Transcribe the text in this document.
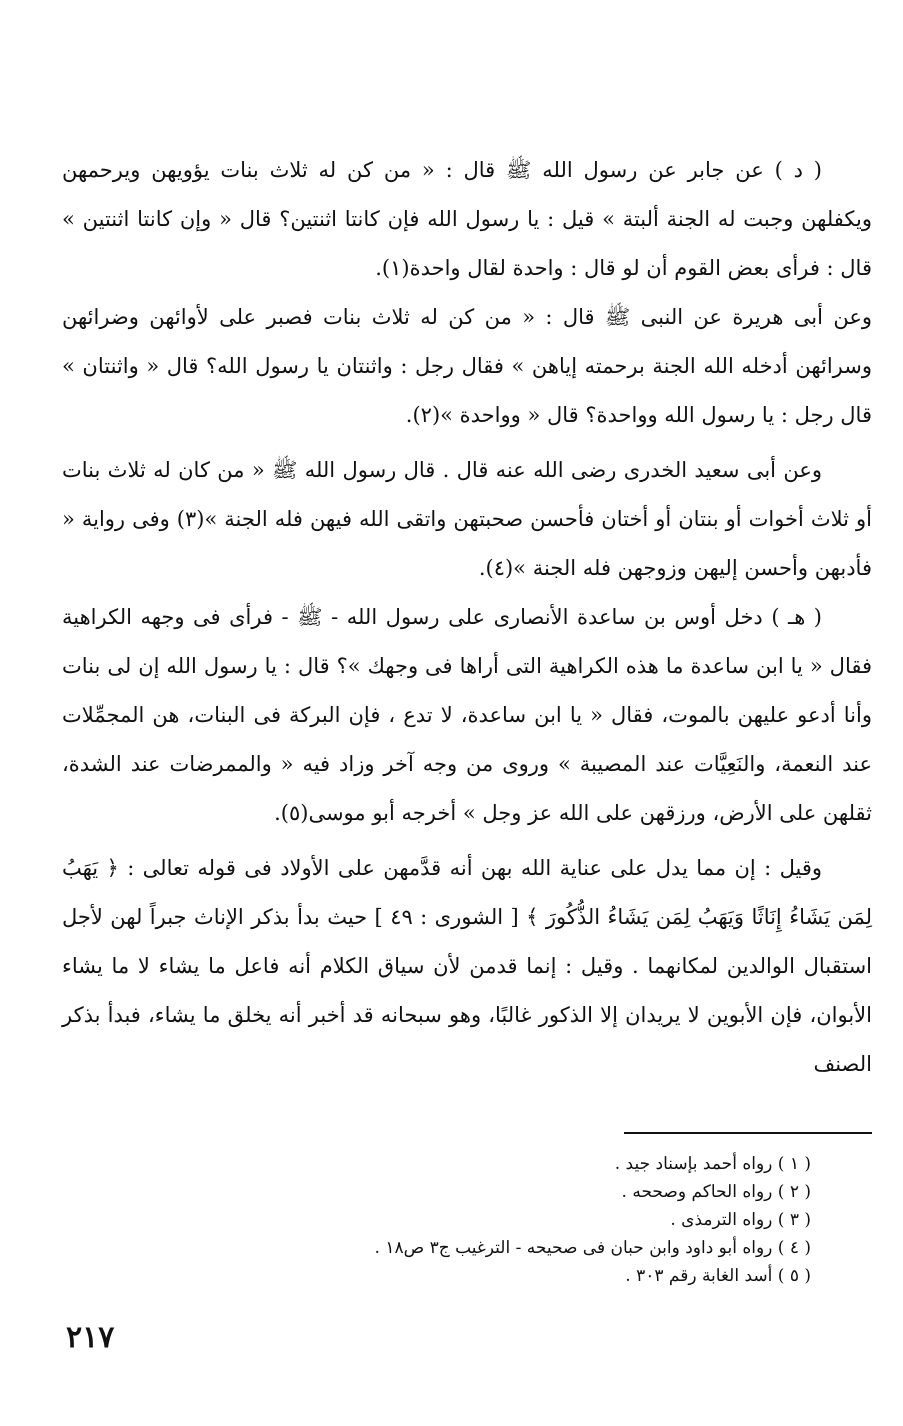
( د ) عن جابر عن رسول الله ﷺ قال : « من كن له ثلاث بنات يؤويهن ويرحمهن ويكفلهن وجبت له الجنة ألبتة » قيل : يا رسول الله فإن كانتا اثنتين؟ قال « وإن كانتا اثنتين » قال : فرأى بعض القوم أن لو قال : واحدة لقال واحدة(١).

وعن أبى هريرة عن النبى ﷺ قال : « من كن له ثلاث بنات فصبر على لأوائهن وضرائهن وسرائهن أدخله الله الجنة برحمته إياهن » فقال رجل : واثنتان يا رسول الله؟ قال « واثنتان » قال رجل : يا رسول الله وواحدة؟ قال « وواحدة »(٢).

وعن أبى سعيد الخدرى رضى الله عنه قال . قال رسول الله ﷺ « من كان له ثلاث بنات أو ثلاث أخوات أو بنتان أو أختان فأحسن صحبتهن واتقى الله فيهن فله الجنة »(٣) وفى رواية « فأدبهن وأحسن إليهن وزوجهن فله الجنة »(٤).

( هـ ) دخل أوس بن ساعدة الأنصارى على رسول الله - ﷺ - فرأى فى وجهه الكراهية فقال « يا ابن ساعدة ما هذه الكراهية التى أراها فى وجهك »؟ قال : يا رسول الله إن لى بنات وأنا أدعو عليهن بالموت، فقال « يا ابن ساعدة، لا تدع ، فإن البركة فى البنات، هن المجمِّلات عند النعمة، والنَعِيَّات عند المصيبة » وروى من وجه آخر وزاد فيه « والممرضات عند الشدة، ثقلهن على الأرض، ورزقهن على الله عز وجل » أخرجه أبو موسى(٥).

وقيل : إن مما يدل على عناية الله بهن أنه قدَّمهن على الأولاد فى قوله تعالى : ﴿ يَهَبُ لِمَن يَشَاءُ إِنَاثًا وَيَهَبُ لِمَن يَشَاءُ الذُّكُورَ ﴾ [ الشورى : ٤٩ ] حيث بدأ بذكر الإناث جبراً لهن لأجل استقبال الوالدين لمكانهما . وقيل : إنما قدمن لأن سياق الكلام أنه فاعل ما يشاء لا ما يشاء الأبوان، فإن الأبوين لا يريدان إلا الذكور غالبًا، وهو سبحانه قد أخبر أنه يخلق ما يشاء، فبدأ بذكر الصنف

( ١ ) رواه أحمد بإسناد جيد .
( ٢ ) رواه الحاكم وصححه .
( ٣ ) رواه الترمذى .
( ٤ ) رواه أبو داود وابن حبان فى صحيحه - الترغيب ج٣ ص١٨ .
( ٥ ) أسد الغابة رقم ٣٠٣ .
٢١٧
